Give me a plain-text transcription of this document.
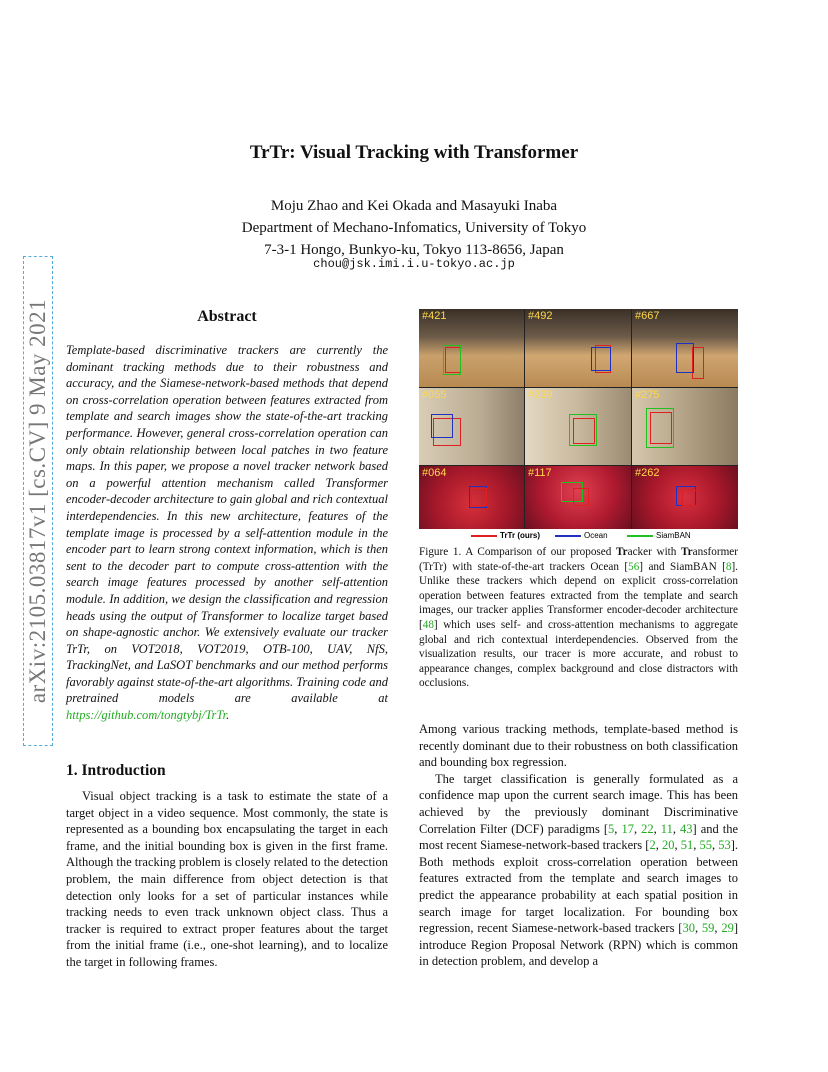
TrTr: Visual Tracking with Transformer
Moju Zhao and Kei Okada and Masayuki Inaba
Department of Mechano-Infomatics, University of Tokyo
7-3-1 Hongo, Bunkyo-ku, Tokyo 113-8656, Japan
chou@jsk.imi.i.u-tokyo.ac.jp
arXiv:2105.03817v1 [cs.CV] 9 May 2021	Abstract
Template-based discriminative trackers are currently the dominant tracking methods due to their robustness and accuracy, and the Siamese-network-based methods that depend on cross-correlation operation between features extracted from template and search images show the state-of-the-art tracking performance. However, general cross-correlation operation can only obtain relationship between local patches in two feature maps. In this paper, we propose a novel tracker network based on a powerful attention mechanism called Transformer encoder-decoder architecture to gain global and rich contextual interdependencies. In this new architecture, features of the template image is processed by a self-attention module in the encoder part to learn strong context information, which is then sent to the decoder part to compute cross-attention with the search image features processed by another self-attention module. In addition, we design the classification and regression heads using the output of Transformer to localize target based on shape-agnostic anchor. We extensively evaluate our tracker TrTr, on VOT2018, VOT2019, OTB-100, UAV, NfS, TrackingNet, and LaSOT benchmarks and our method performs favorably against state-of-the-art algorithms. Training code and pretrained models are available at https://github.com/tongtybj/TrTr.
1. Introduction

Visual object tracking is a task to estimate the state of a target object in a video sequence. Most commonly, the state is represented as a bounding box encapsulating the target in each frame, and the initial bounding box is given in the first frame. Although the tracking problem is closely related to the detection problem, the main difference from object detection is that detection only looks for a set of particular instances while tracking needs to even track unknown object class. Thus a tracker is required to extract proper features about the target from the initial frame (i.e., one-shot learning), and to localize the target in following frames.

#421	#492	#667
#055	#239	#275
#064	#117	#262
TrTr (ours)	Ocean	SiamBAN
Figure 1. A Comparison of our proposed Tracker with Transformer (TrTr) with state-of-the-art trackers Ocean [56] and SiamBAN [8]. Unlike these trackers which depend on explicit cross-correlation operation between features extracted from the template and search images, our tracker applies Transformer encoder-decoder architecture [48] which uses self- and cross-attention mechanisms to aggregate global and rich contextual interdependencies. Observed from the visualization results, our tracer is more accurate, and robust to appearance changes, complex background and close distractors with occlusions.

Among various tracking methods, template-based method is recently dominant due to their robustness on both classification and bounding box regression.

The target classification is generally formulated as a confidence map upon the current search image. This has been achieved by the previously dominant Discriminative Correlation Filter (DCF) paradigms [5, 17, 22, 11, 43] and the most recent Siamese-network-based trackers [2, 20, 51, 55, 53]. Both methods exploit cross-correlation operation between features extracted from the template and search images to predict the appearance probability at each spatial position in search image for target localization. For bounding box regression, recent Siamese-network-based trackers [30, 59, 29] introduce Region Proposal Network (RPN) which is common in detection problem, and develop a
